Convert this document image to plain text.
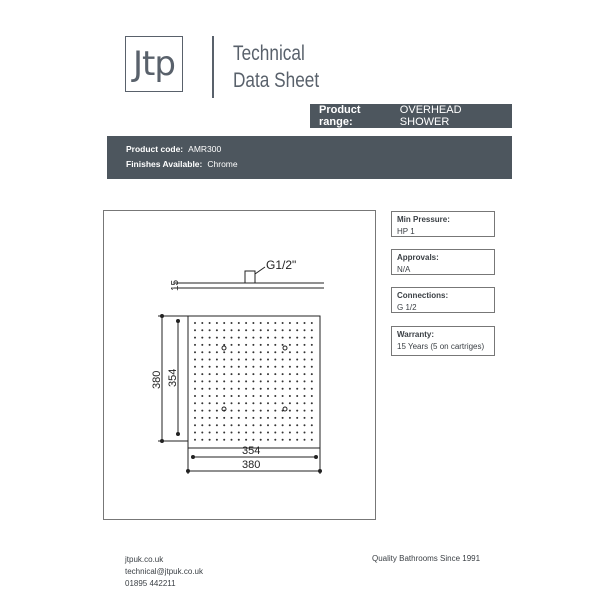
Jtp	Technical
Data Sheet
Product range:
OVERHEAD SHOWER
Product code: AMR300
Finishes Available: Chrome
G1/2"
15
380 354
354
380
Min Pressure:
HP 1
Approvals:
N/A
Connections:
G 1/2
Warranty:
15 Years (5 on cartriges)
jtpuk.co.uk
technical@jtpuk.co.uk
01895 442211
Quality Bathrooms Since 1991
